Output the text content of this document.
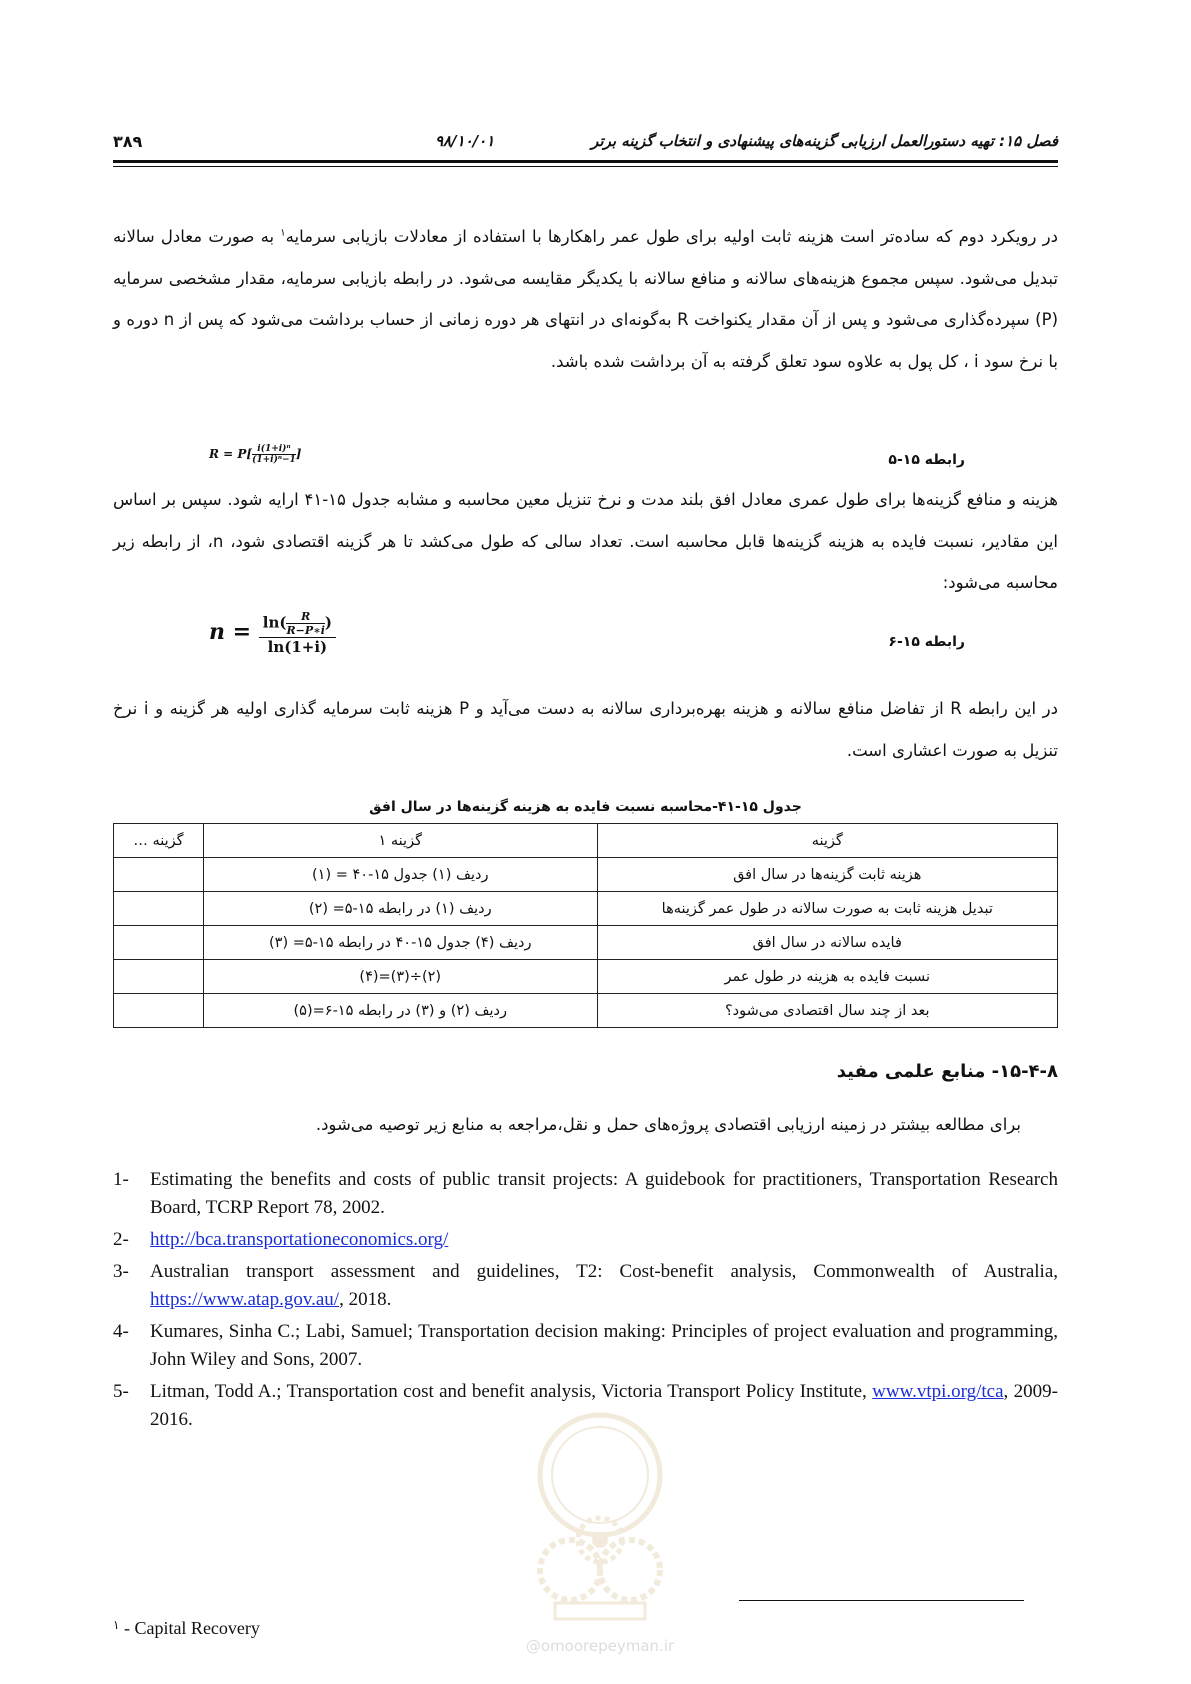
فصل ۱۵: تهیه دستورالعمل ارزیابی گزینه‌های پیشنهادی و انتخاب گزینه برتر
۹۸/۱۰/۰۱
۳۸۹
در رویکرد دوم که ساده‌تر است هزینه ثابت اولیه برای طول عمر راهکارها با استفاده از معادلات بازیابی سرمایه$^۱$ به صورت معادل سالانه تبدیل می‌شود. سپس مجموع هزینه‌های سالانه و منافع سالانه با یکدیگر مقایسه می‌شود. در رابطه بازیابی سرمایه، مقدار مشخصی سرمایه (P) سپرده‌گذاری می‌شود و پس از آن مقدار یکنواخت R به‌گونه‌ای در انتهای هر دوره زمانی از حساب برداشت می‌شود که پس از n دوره و با نرخ سود i ، کل پول به علاوه سود تعلق گرفته به آن برداشت شده باشد.
رابطه ۱۵-۵
$R = P[ \frac{\text{i(1+i)ⁿ}}{\text{(1+i)ⁿ−1}}$ ]
هزینه و منافع گزینه‌ها برای طول عمری معادل افق بلند مدت و نرخ تنزیل معین محاسبه و مشابه جدول ۱۵-۴۱ ارایه شود. سپس بر اساس این مقادیر، نسبت فایده به هزینه گزینه‌ها قابل محاسبه است. تعداد سالی که طول می‌کشد تا هر گزینه اقتصادی شود، n، از رابطه زیر محاسبه می‌شود:
رابطه ۱۵-۶
$n = \frac{\ln( \frac{R}{R-P∗i} )}{\ln(1+i)}$
در این رابطه R از تفاضل منافع سالانه و هزینه بهره‌برداری سالانه به دست می‌آید و P هزینه ثابت سرمایه گذاری اولیه هر گزینه و i نرخ تنزیل به صورت اعشاری است.
جدول ۱۵-۴۱-محاسبه نسبت فایده به هزینه گزینه‌ها در سال افق
گزینه	گزینه ۱	گزینه …
هزینه ثابت گزینه‌ها در سال افق	ردیف (۱) جدول ۱۵-۴۰ = (۱)	
تبدیل هزینه ثابت به صورت سالانه در طول عمر گزینه‌ها	ردیف (۱) در رابطه ۱۵-۵= (۲)	
فایده سالانه در سال افق	ردیف (۴) جدول ۱۵-۴۰ در رابطه ۱۵-۵= (۳)	
نسبت فایده به هزینه در طول عمر	(۲)÷(۳)=(۴)	
بعد از چند سال اقتصادی می‌شود؟	ردیف (۲) و (۳) در رابطه ۱۵-۶=(۵)	
۱۵-۴-۸- منابع علمی مفید
برای مطالعه بیشتر در زمینه ارزیابی اقتصادی پروژه‌های حمل و نقل،مراجعه به منابع زیر توصیه می‌شود.
1- Estimating the benefits and costs of public transit projects: A guidebook for practitioners, Transportation Research Board, TCRP Report 78, 2002.
2- http://bca.transportationeconomics.org/
3- Australian transport assessment and guidelines, T2: Cost-benefit analysis, Commonwealth of Australia, https://www.atap.gov.au/, 2018.
4- Kumares, Sinha C.; Labi, Samuel; Transportation decision making: Principles of project evaluation and programming, John Wiley and Sons, 2007.
5- Litman, Todd A.; Transportation cost and benefit analysis, Victoria Transport Policy Institute, www.vtpi.org/tca, 2009-2016.
@omoorepeyman.ir
$^۱$ - Capital Recovery
